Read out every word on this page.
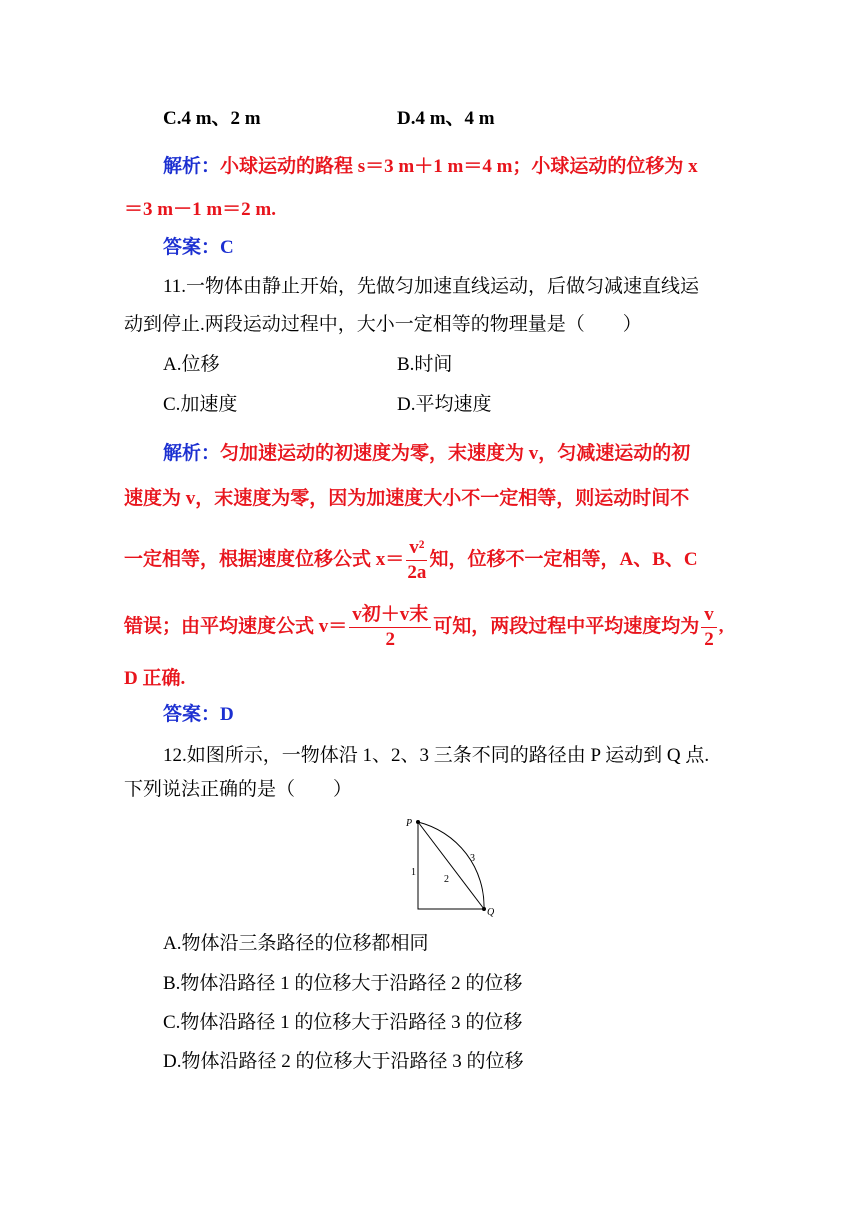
C.4 m、2 m	D.4 m、4 m
解析：小球运动的路程 s＝3 m＋1 m＝4 m；小球运动的位移为 x
＝3 m－1 m＝2 m.
答案：C
11.一物体由静止开始，先做匀加速直线运动，后做匀减速直线运
动到停止.两段运动过程中，大小一定相等的物理量是（　　）
A.位移	B.时间
C.加速度	D.平均速度
解析：匀加速运动的初速度为零，末速度为 v，匀减速运动的初
速度为 v，末速度为零，因为加速度大小不一定相等，则运动时间不
一定相等，根据速度位移公式 $x= \frac{\text{v²}}{2a}$ 知，位移不一定相等，A、B、C
错误；由平均速度公式 $v= \frac{\text{v初＋v末}}{2}$ 可知，两段过程中平均速度均为 $\frac{v}{2}$ ,
D 正确.
答案：D
12.如图所示，一物体沿 1、2、3 三条不同的路径由 P 运动到 Q 点.
下列说法正确的是（　　）
P
Q
1
2
3
A.物体沿三条路径的位移都相同
B.物体沿路径 1 的位移大于沿路径 2 的位移
C.物体沿路径 1 的位移大于沿路径 3 的位移
D.物体沿路径 2 的位移大于沿路径 3 的位移
